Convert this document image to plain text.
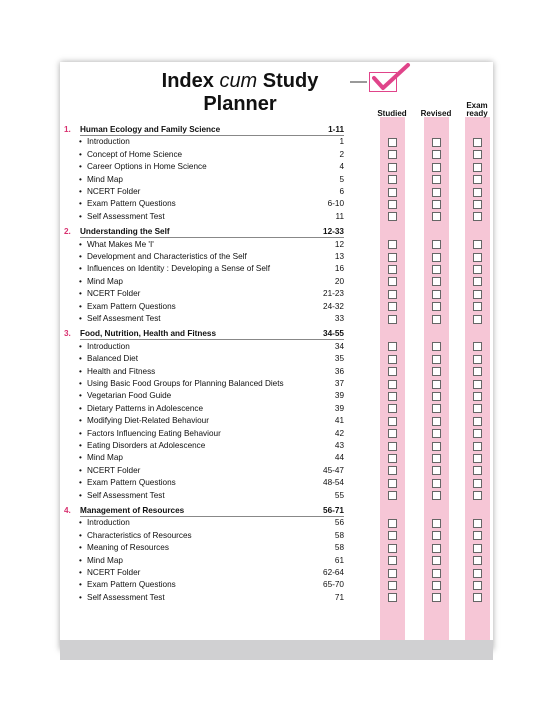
Index cum Study Planner	Studied	Revised
Exam ready
1. Human Ecology and Family Science	1-11
• Introduction	1
• Concept of Home Science	2
• Career Options in Home Science	4
• Mind Map	5
• NCERT Folder	6
• Exam Pattern Questions	6-10
• Self Assessment Test	11
2. Understanding the Self	12-33
• What Makes Me 'I'	12
• Development and Characteristics of the Self	13
• Influences on Identity : Developing a Sense of Self	16
• Mind Map	20
• NCERT Folder	21-23
• Exam Pattern Questions	24-32
• Self Assesment Test	33
3. Food, Nutrition, Health and Fitness	34-55
• Introduction	34
• Balanced Diet	35
• Health and Fitness	36
• Using Basic Food Groups for Planning Balanced Diets	37
• Vegetarian Food Guide	39
• Dietary Patterns in Adolescence	39
• Modifying Diet-Related Behaviour	41
• Factors Influencing Eating Behaviour	42
• Eating Disorders at Adolescence	43
• Mind Map	44
• NCERT Folder	45-47
• Exam Pattern Questions	48-54
• Self Assessment Test	55
4. Management of Resources	56-71
• Introduction	56
• Characteristics of Resources	58
• Meaning of Resources	58
• Mind Map	61
• NCERT Folder	62-64
• Exam Pattern Questions	65-70
• Self Assessment Test	71
